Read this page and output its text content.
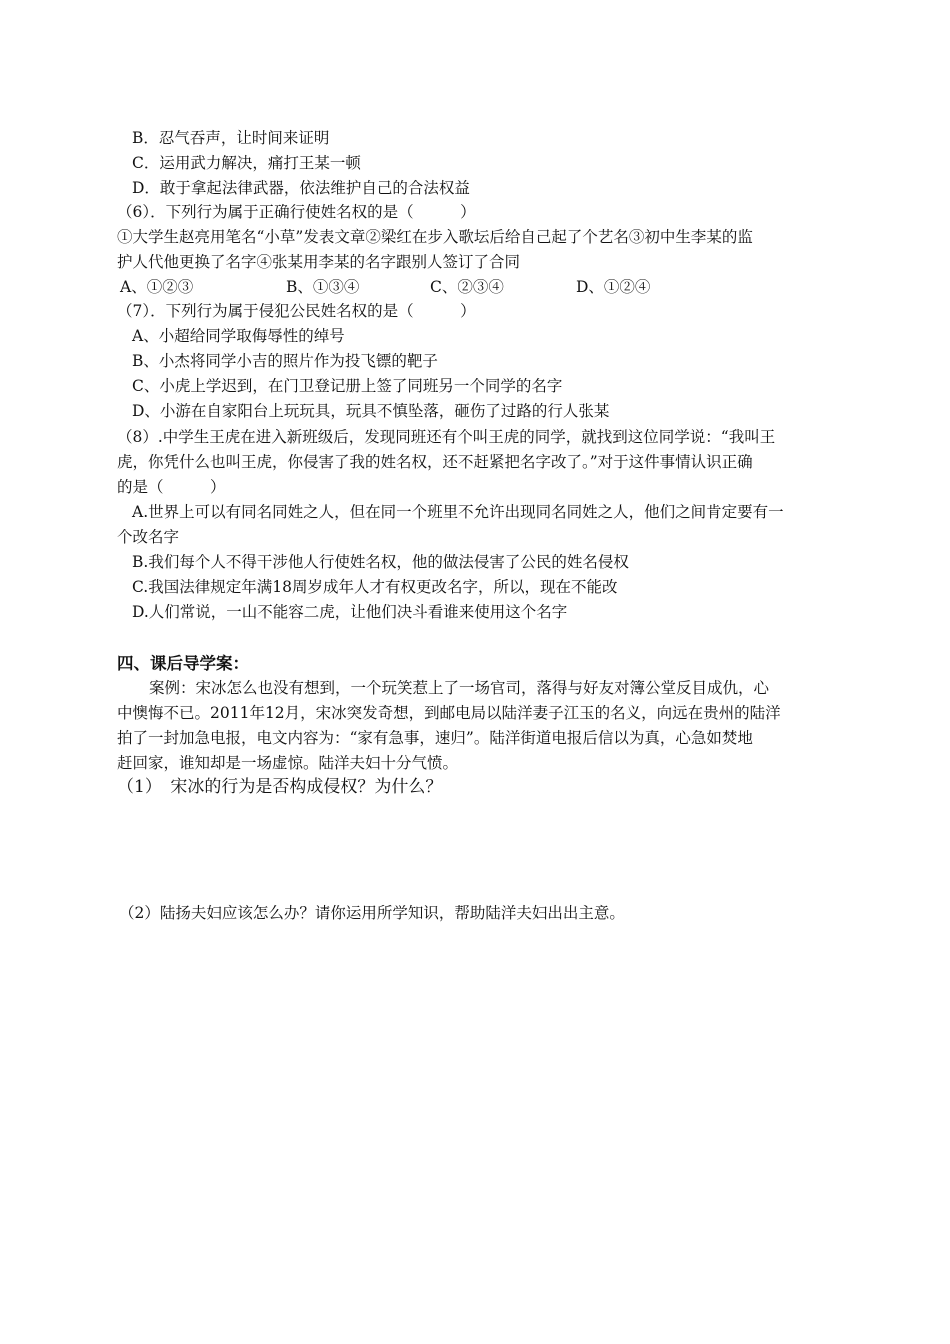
B．忍气吞声，让时间来证明
C．运用武力解决，痛打王某一顿
D．敢于拿起法律武器，依法维护自己的合法权益
（6）．下列行为属于正确行使姓名权的是（　　　）
①大学生赵亮用笔名“小草”发表文章②梁红在步入歌坛后给自己起了个艺名③初中生李某的监
护人代他更换了名字④张某用李某的名字跟别人签订了合同
A、①②③	B、①③④	C、②③④	D、①②④
（7）．下列行为属于侵犯公民姓名权的是（　　　）
A、小超给同学取侮辱性的绰号
B、小杰将同学小吉的照片作为投飞镖的靶子
C、小虎上学迟到，在门卫登记册上签了同班另一个同学的名字
D、小游在自家阳台上玩玩具，玩具不慎坠落，砸伤了过路的行人张某
（8）.中学生王虎在进入新班级后，发现同班还有个叫王虎的同学，就找到这位同学说：“我叫王
虎，你凭什么也叫王虎，你侵害了我的姓名权，还不赶紧把名字改了。”对于这件事情认识正确
的是（　　　）
A.世界上可以有同名同姓之人，但在同一个班里不允许出现同名同姓之人，他们之间肯定要有一
个改名字
B.我们每个人不得干涉他人行使姓名权，他的做法侵害了公民的姓名侵权
C.我国法律规定年满18周岁成年人才有权更改名字，所以，现在不能改
D.人们常说，一山不能容二虎，让他们决斗看谁来使用这个名字
四、课后导学案：
案例：宋冰怎么也没有想到，一个玩笑惹上了一场官司，落得与好友对簿公堂反目成仇，心
中懊悔不已。2011年12月，宋冰突发奇想，到邮电局以陆洋妻子江玉的名义，向远在贵州的陆洋
拍了一封加急电报，电文内容为：“家有急事，速归”。陆洋街道电报后信以为真，心急如焚地
赶回家，谁知却是一场虚惊。陆洋夫妇十分气愤。
（1）　宋冰的行为是否构成侵权？为什么？
（2）陆扬夫妇应该怎么办？请你运用所学知识，帮助陆洋夫妇出出主意。
